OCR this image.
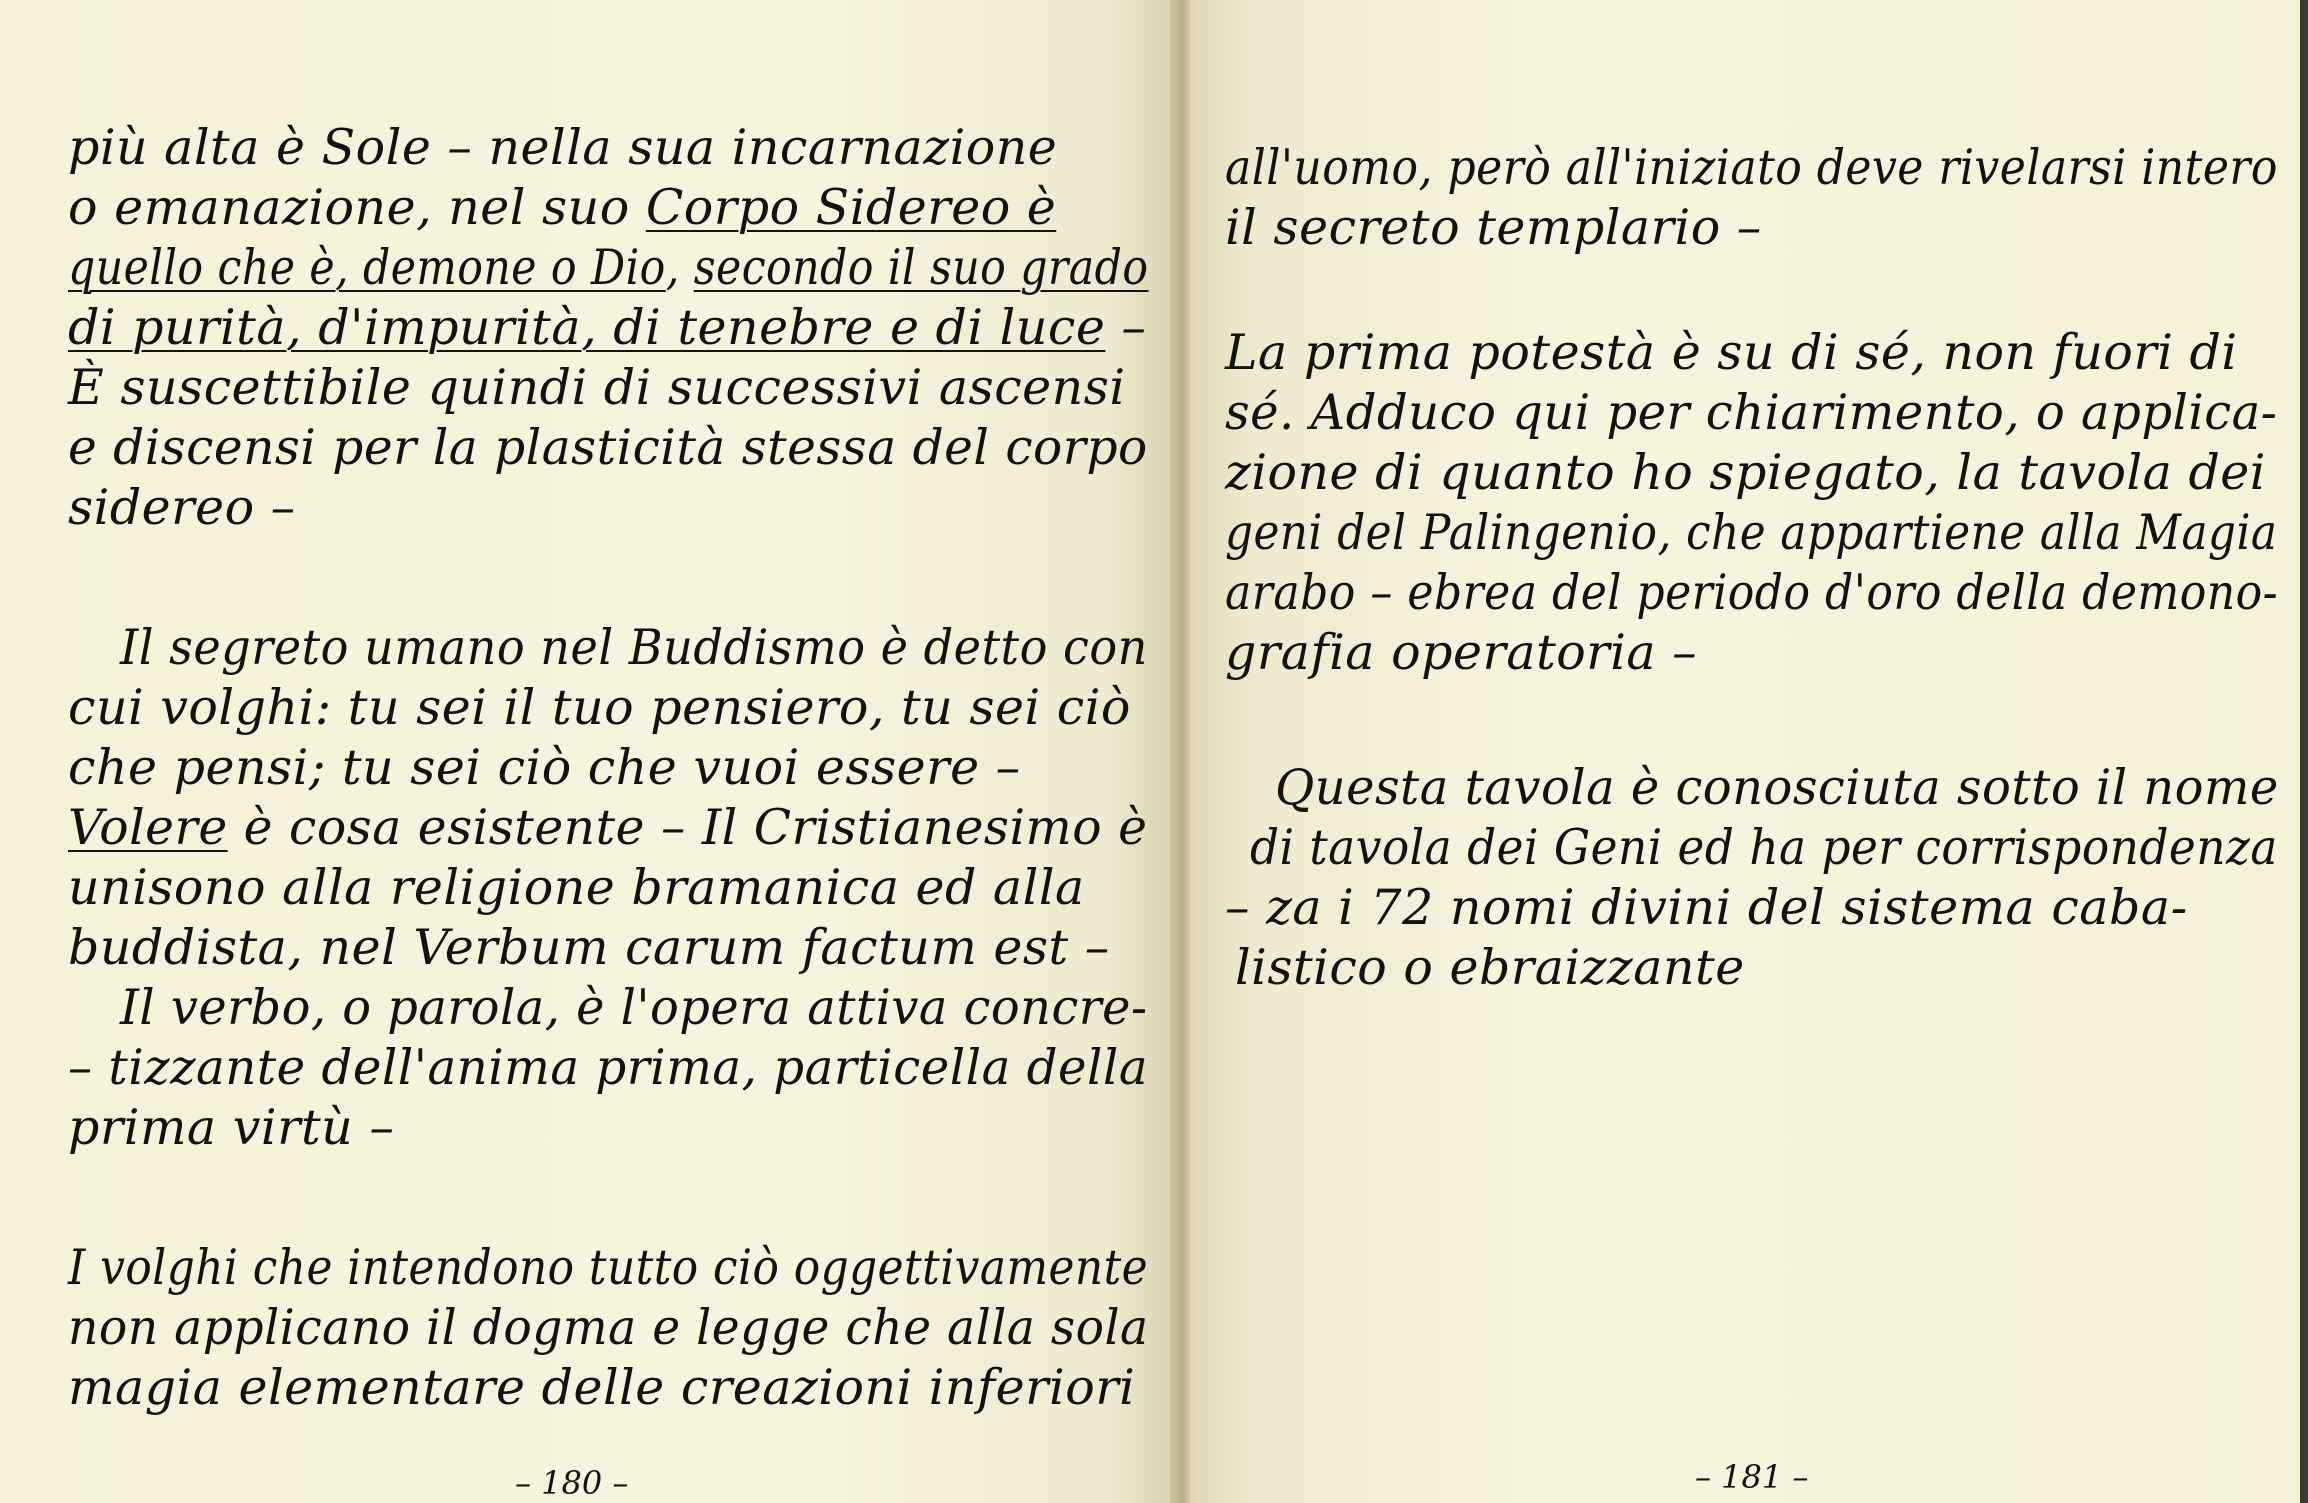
più alta è Sole – nella sua incarnazione

o emanazione, nel suo Corpo Sidereo è

quello che è, demone o Dio, secondo il suo grado

di purità, d'impurità, di tenebre e di luce –

È suscettibile quindi di successivi ascensi

e discensi per la plasticità stessa del corpo

sidereo –

Il segreto umano nel Buddismo è detto con

cui volghi: tu sei il tuo pensiero, tu sei ciò

che pensi; tu sei ciò che vuoi essere –

Volere è cosa esistente – Il Cristianesimo è

unisono alla religione bramanica ed alla

buddista, nel Verbum carum factum est –

Il verbo, o parola, è l'opera attiva concre-

– tizzante dell'anima prima, particella della

prima virtù –

I volghi che intendono tutto ciò oggettivamente

non applicano il dogma e legge che alla sola

magia elementare delle creazioni inferiori

– 180 –

all'uomo, però all'iniziato deve rivelarsi intero

il secreto templario –

La prima potestà è su di sé, non fuori di

sé. Adduco qui per chiarimento, o applica-

zione di quanto ho spiegato, la tavola dei

geni del Palingenio, che appartiene alla Magia

arabo – ebrea del periodo d'oro della demono-

grafia operatoria –

Questa tavola è conosciuta sotto il nome

di tavola dei Geni ed ha per corrispondenza

– za i 72 nomi divini del sistema caba-

listico o ebraizzante

– 181 –
